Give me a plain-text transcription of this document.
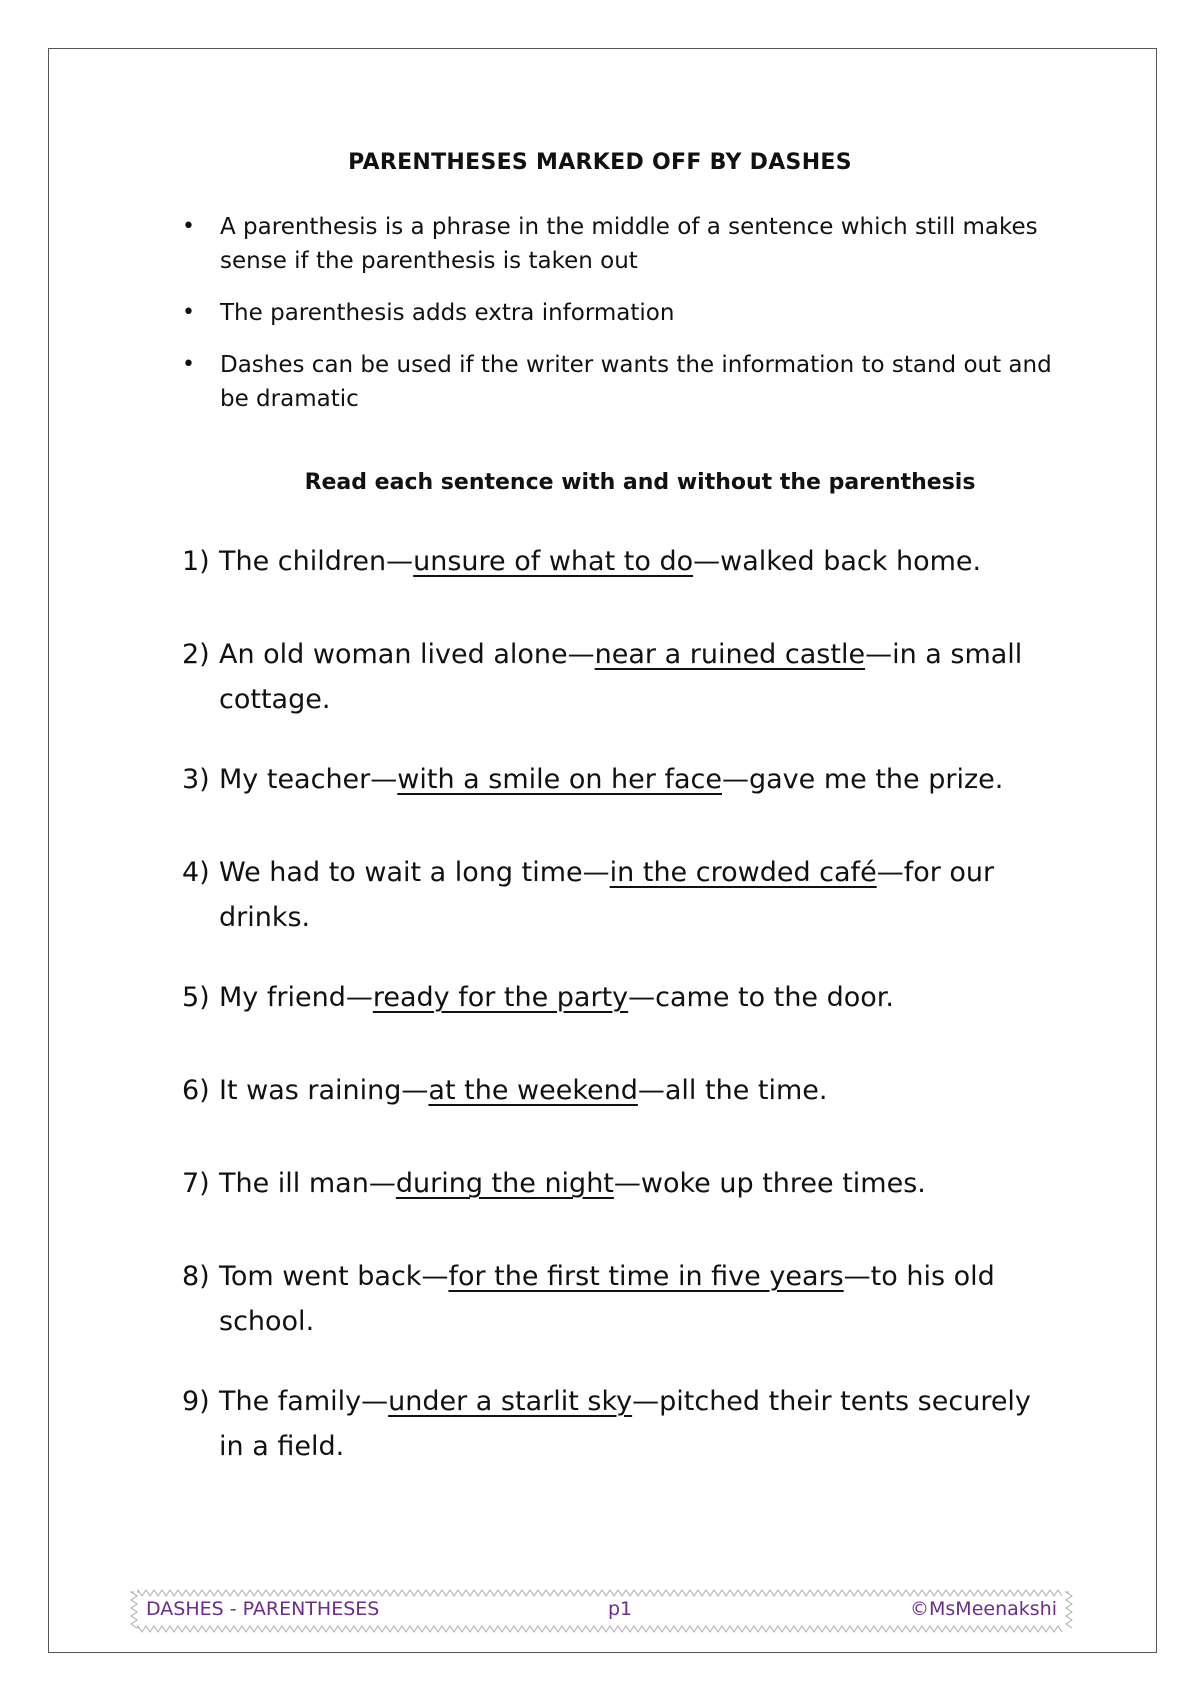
PARENTHESES MARKED OFF BY DASHES
• A parenthesis is a phrase in the middle of a sentence which still makes sense if the parenthesis is taken out
• The parenthesis adds extra information
• Dashes can be used if the writer wants the information to stand out and be dramatic
Read each sentence with and without the parenthesis
1) The children—unsure of what to do—walked back home.
2) An old woman lived alone—near a ruined castle—in a small
cottage.
3) My teacher—with a smile on her face—gave me the prize.
4) We had to wait a long time—in the crowded café—for our
drinks.
5) My friend—ready for the party—came to the door.
6) It was raining—at the weekend—all the time.
7) The ill man—during the night—woke up three times.
8) Tom went back—for the first time in five years—to his old
school.
9) The family—under a starlit sky—pitched their tents securely
in a field.
DASHES - PARENTHESES	p1	©MsMeenakshi
